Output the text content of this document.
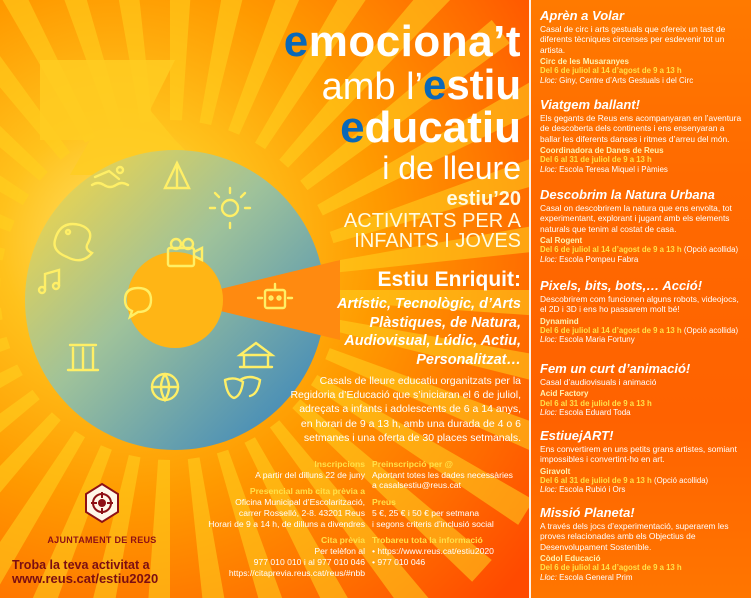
emociona’t
amb l’estiu
educatiu
i de lleure
estiu’20
ACTIVITATS PER A
INFANTS I JOVES
Estiu Enriquit:
Artístic, Tecnològic, d’Arts
Plàstiques, de Natura,
Audiovisual, Lúdic, Actiu,
Personalitzat…
Casals de lleure educatiu organitzats per la
Regidoria d’Educació que s’iniciaran el 6 de juliol,
adreçats a infants i adolescents de 6 a 14 anys,
en horari de 9 a 13 h, amb una durada de 4 o 6
setmanes i una oferta de 30 places setmanals.
Inscripcions
A partir del dilluns 22 de juny
Presencial amb cita prèvia a
Oficina Municipal d’Escolarització,
carrer Rosselló, 2-8. 43201 Reus
Horari de 9 a 14 h, de dilluns a divendres
Cita prèvia
Per telèfon al
977 010 010 i al 977 010 046
https://citaprevia.reus.cat/reus/#nbb
Preinscripció per @
Aportant totes les dades necessàries
a casalsestiu@reus.cat
Preus
5 €, 25 € i 50 € per setmana
i segons criteris d’inclusió social
Trobareu tota la informació
• https://www.reus.cat/estiu2020
• 977 010 046
AJUNTAMENT DE REUS
Troba la teva activitat a
www.reus.cat/estiu2020
Aprèn a Volar
Casal de circ i arts gestuals que ofereix un tast de diferents tècniques circenses per esdevenir tot un artista.
Circ de les Musaranyes
Del 6 de juliol al 14 d’agost de 9 a 13 h
Lloc: Giny, Centre d’Arts Gestuals i del Circ
Viatgem ballant!
Els gegants de Reus ens acompanyaran en l’aventura de descoberta dels continents i ens ensenyaran a ballar les diferents danses i ritmes d’arreu del món.
Coordinadora de Danes de Reus
Del 6 al 31 de juliol de 9 a 13 h
Lloc: Escola Teresa Miquel i Pàmies
Descobrim la Natura Urbana
Casal on descobrirem la natura que ens envolta, tot experimentant, explorant i jugant amb els elements naturals que tenim al costat de casa.
Cal Rogent
Del 6 de juliol al 14 d’agost de 9 a 13 h (Opció acollida)
Lloc: Escola Pompeu Fabra
Pixels, bits, bots,… Acció!
Descobrirem com funcionen alguns robots, videojocs, el 2D i 3D i ens ho passarem molt bé!
Dynamind
Del 6 de juliol al 14 d’agost de 9 a 13 h (Opció acollida)
Lloc: Escola Maria Fortuny
Fem un curt d’animació!
Casal d’audiovisuals i animació
Acid Factory
Del 6 al 31 de juliol de 9 a 13 h
Lloc: Escola Eduard Toda
EstiuejART!
Ens convertirem en uns petits grans artistes, somiant impossibles i convertint-ho en art.
Giravolt
Del 6 al 31 de juliol de 9 a 13 h (Opció acollida)
Lloc: Escola Rubió i Ors
Missió Planeta!
A través dels jocs d’experimentació, superarem les proves relacionades amb els Objectius de Desenvolupament Sostenible.
Còdol Educació
Del 6 de juliol al 14 d’agost de 9 a 13 h
Lloc: Escola General Prim
